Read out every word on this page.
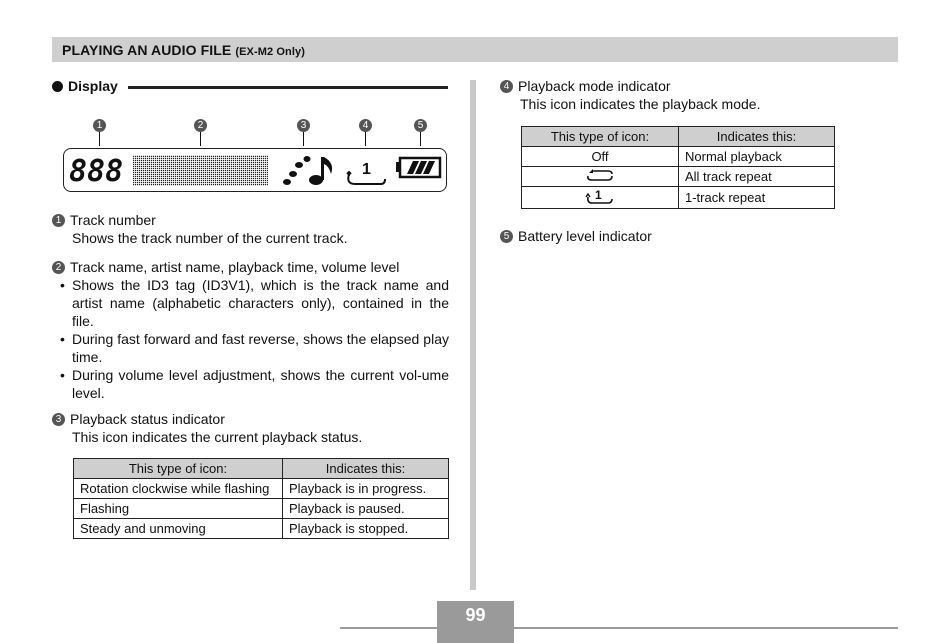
PLAYING AN AUDIO FILE (EX-M2 Only)
Display
1	2	3	4	5
888	1
1 Track number
Shows the track number of the current track.
2 Track name, artist name, playback time, volume level
• Shows the ID3 tag (ID3V1), which is the track name and artist name (alphabetic characters only), contained in the file.
• During fast forward and fast reverse, shows the elapsed play time.
• During volume level adjustment, shows the current vol-ume level.
3 Playback status indicator
This icon indicates the current playback status.
This type of icon:	Indicates this:
Rotation clockwise while flashing	Playback is in progress.
Flashing	Playback is paused.
Steady and unmoving	Playback is stopped.
4 Playback mode indicator
This icon indicates the playback mode.
This type of icon:	Indicates this:
Off	Normal playback
	All track repeat

1	1-track repeat
5 Battery level indicator
99
